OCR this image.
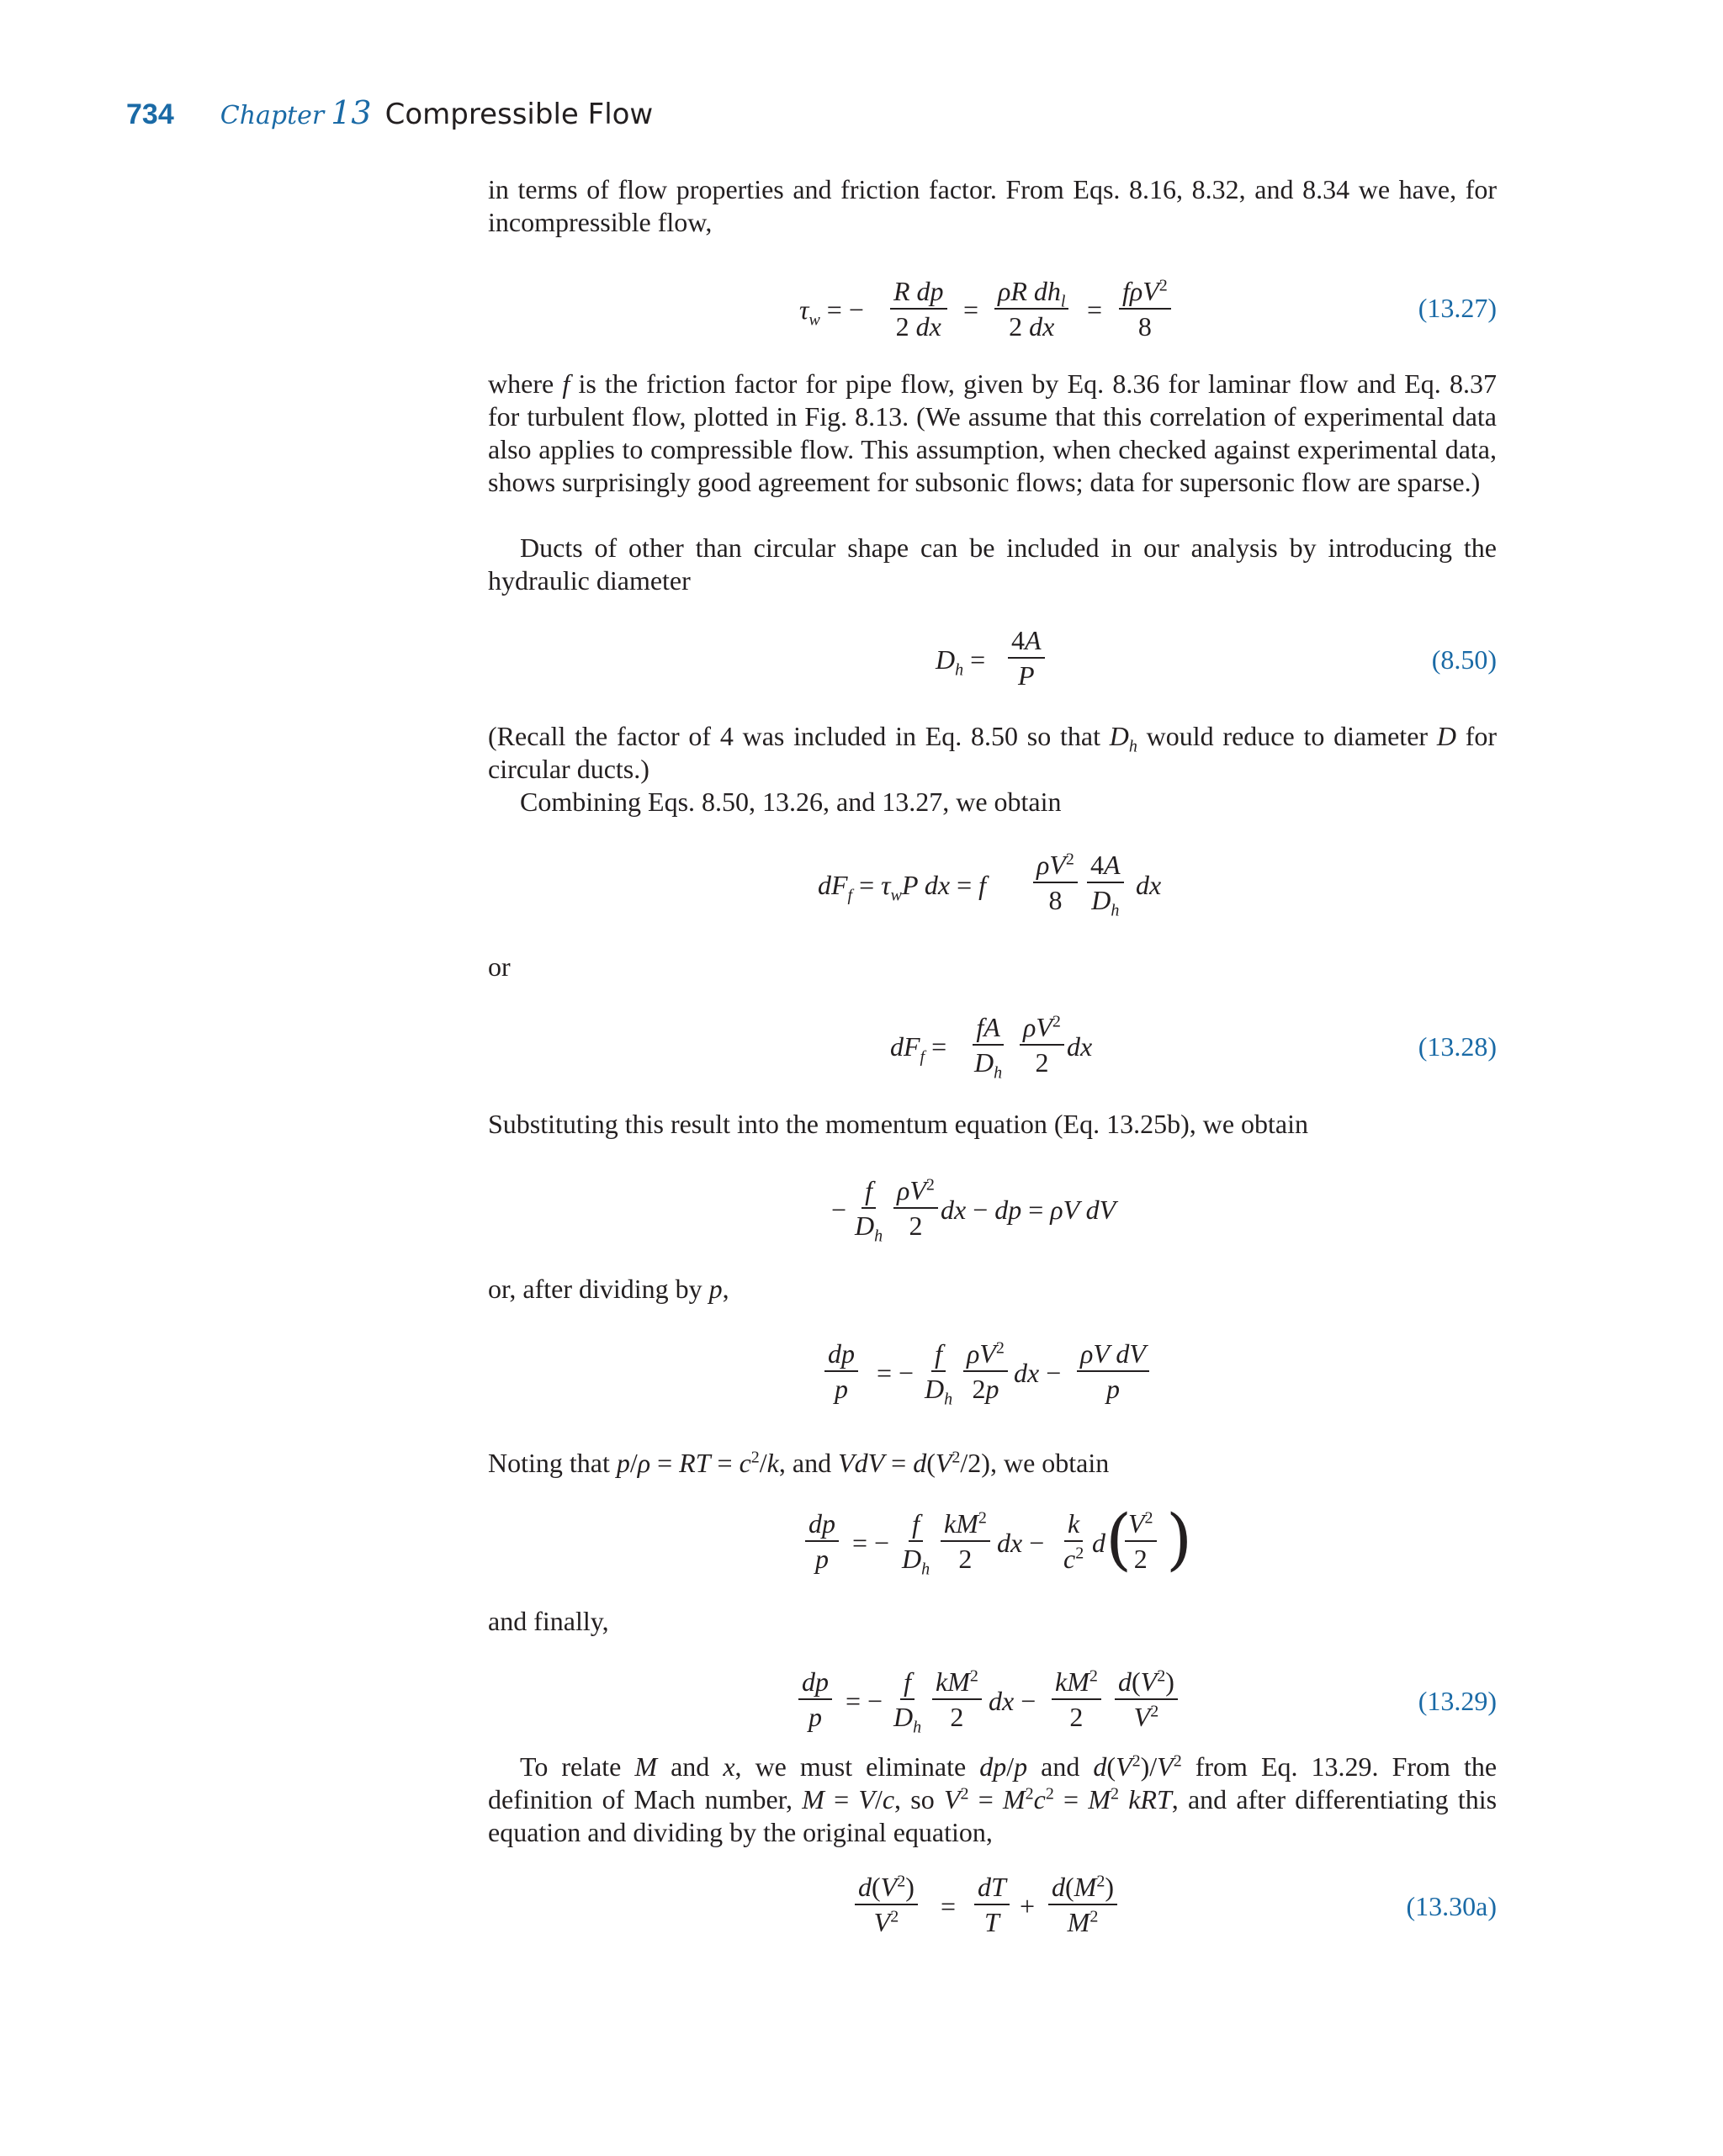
734 Chapter 13 Compressible Flow
in terms of flow properties and friction factor. From Eqs. 8.16, 8.32, and 8.34 we have, for incompressible flow,
$\tau_w$ = − $\frac{\text{R dp}}{2 dx}$ =
ρR $dh_l$
2 dx
=
fρV$^2$
8
(13.27)
where f is the friction factor for pipe flow, given by Eq. 8.36 for laminar flow and Eq. 8.37 for turbulent flow, plotted in Fig. 8.13. (We assume that this correlation of experimental data also applies to compressible flow. This assumption, when checked against experimental data, shows surprisingly good agreement for subsonic flows; data for supersonic flow are sparse.)
Ducts of other than circular shape can be included in our analysis by introducing the hydraulic diameter
$D_h = \frac{4A}{P}$	(8.50)
(Recall the factor of 4 was included in Eq. 8.50 so that $D_h$ would reduce to diameter D for circular ducts.)
Combining Eqs. 8.50, 13.26, and 13.27, we obtain
$dF_f = \tau_wP$ dx = f $\frac{\rho V^2}{8} \frac{4A}{D_h}$ dx
or
$dF_f = \frac{fA}{D_h} \frac{\rho V^2}{2}$ dx	(13.28)
Substituting this result into the momentum equation (Eq. 13.25b), we obtain
− $\frac{f}{D_h} \frac{\rho V^2}{2}$ dx − dp = ρV dV
or, after dividing by p,
$\frac{dp}{p}$ = − $\frac{f}{D_h} \frac{\rho V^2}{2p}$ dx − $\frac{\text{ρV dV}}{p}$
Noting that p/ρ = RT = $c^2/k$, and VdV = $d(V^2/2)$, we obtain
$\frac{dp}{p}$ = − $\frac{f}{D_h} \frac{kM^2}{2}$ dx − $\frac{k}{c^2}$ d (
$\frac{V^2}{2}$ )
and finally,
$\frac{dp}{p}$ = − $\frac{f}{D_h} \frac{kM^2}{2}$ dx − $\frac{kM^2}{2} \frac{d(V^2)}{V^2}$	(13.29)
To relate M and x, we must eliminate dp/p and $d(V^2)/V^2$ from Eq. 13.29. From the definition of Mach number, M = V/c, so $V^2 = M^2c^2 = M^2$ kRT, and after differentiating this equation and dividing by the original equation,
$\frac{d(V^2)}{V^2} = \frac{dT}{T} + \frac{d(M^2)}{M^2}$	(13.30a)
